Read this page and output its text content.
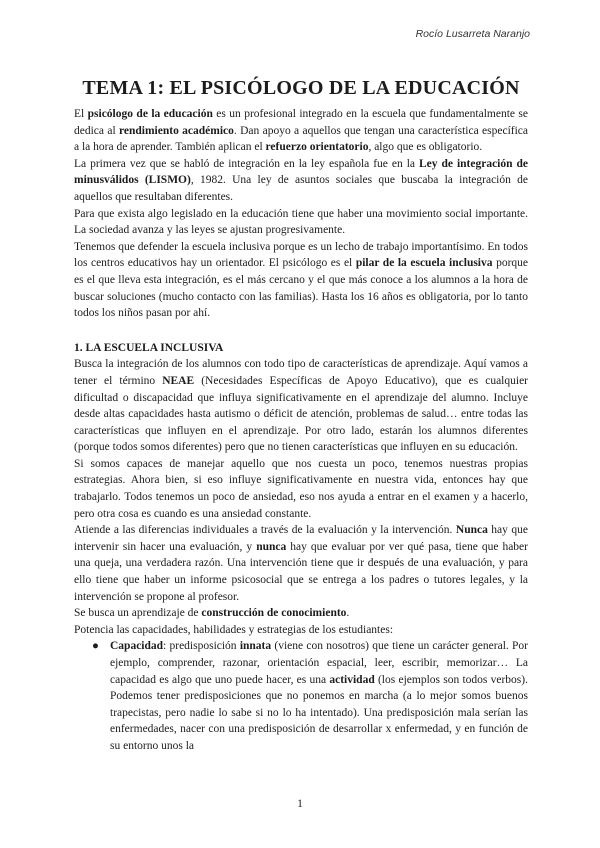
Rocío Lusarreta Naranjo
TEMA 1: EL PSICÓLOGO DE LA EDUCACIÓN

El psicólogo de la educación es un profesional integrado en la escuela que fundamentalmente se dedica al rendimiento académico. Dan apoyo a aquellos que tengan una característica específica a la hora de aprender. También aplican el refuerzo orientatorio, algo que es obligatorio.

La primera vez que se habló de integración en la ley española fue en la Ley de integración de minusválidos (LISMO), 1982. Una ley de asuntos sociales que buscaba la integración de aquellos que resultaban diferentes.

Para que exista algo legislado en la educación tiene que haber una movimiento social importante. La sociedad avanza y las leyes se ajustan progresivamente.

Tenemos que defender la escuela inclusiva porque es un lecho de trabajo importantísimo. En todos los centros educativos hay un orientador. El psicólogo es el pilar de la escuela inclusiva porque es el que lleva esta integración, es el más cercano y el que más conoce a los alumnos a la hora de buscar soluciones (mucho contacto con las familias). Hasta los 16 años es obligatoria, por lo tanto todos los niños pasan por ahí.

1. LA ESCUELA INCLUSIVA

Busca la integración de los alumnos con todo tipo de características de aprendizaje. Aquí vamos a tener el término NEAE (Necesidades Específicas de Apoyo Educativo), que es cualquier dificultad o discapacidad que influya significativamente en el aprendizaje del alumno. Incluye desde altas capacidades hasta autismo o déficit de atención, problemas de salud… entre todas las características que influyen en el aprendizaje. Por otro lado, estarán los alumnos diferentes (porque todos somos diferentes) pero que no tienen características que influyen en su educación.

Si somos capaces de manejar aquello que nos cuesta un poco, tenemos nuestras propias estrategias. Ahora bien, si eso influye significativamente en nuestra vida, entonces hay que trabajarlo. Todos tenemos un poco de ansiedad, eso nos ayuda a entrar en el examen y a hacerlo, pero otra cosa es cuando es una ansiedad constante.

Atiende a las diferencias individuales a través de la evaluación y la intervención. Nunca hay que intervenir sin hacer una evaluación, y nunca hay que evaluar por ver qué pasa, tiene que haber una queja, una verdadera razón. Una intervención tiene que ir después de una evaluación, y para ello tiene que haber un informe psicosocial que se entrega a los padres o tutores legales, y la intervención se propone al profesor.

Se busca un aprendizaje de construcción de conocimiento.

Potencia las capacidades, habilidades y estrategias de los estudiantes:

● Capacidad: predisposición innata (viene con nosotros) que tiene un carácter general. Por ejemplo, comprender, razonar, orientación espacial, leer, escribir, memorizar… La capacidad es algo que uno puede hacer, es una actividad (los ejemplos son todos verbos). Podemos tener predisposiciones que no ponemos en marcha (a lo mejor somos buenos trapecistas, pero nadie lo sabe si no lo ha intentado). Una predisposición mala serían las enfermedades, nacer con una predisposición de desarrollar x enfermedad, y en función de su entorno unos la
1
